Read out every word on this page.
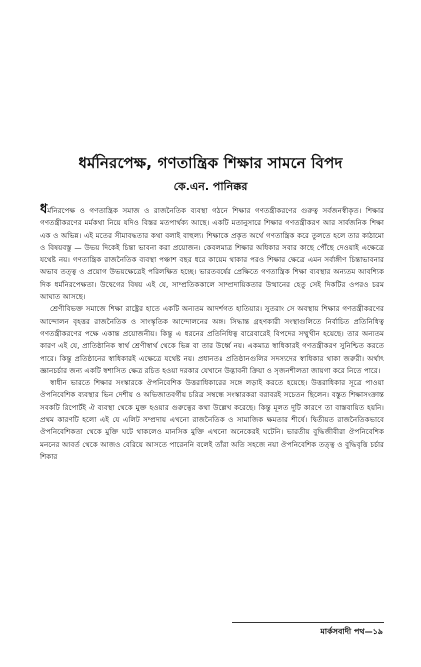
ধর্মনিরপেক্ষ, গণতান্ত্রিক শিক্ষার সামনে বিপদ
কে.এন. পানিক্কর

ধর্মনিরপেক্ষ ও গণতান্ত্রিক সমাজ ও রাজনৈতিক ব্যবস্থা গঠনে শিক্ষার গণতন্ত্রীকরণের গুরুত্ব সর্বজনস্বীকৃত। শিক্ষার গণতন্ত্রীকরণের মর্মকথা নিয়ে যদিও বিস্তর মতপার্থক্য আছে। একটি মতানুসারে শিক্ষার গণতন্ত্রীকরণ আর সার্বজনিক শিক্ষা এক ও অভিন্ন। এই মতের সীমাবদ্ধতার কথা বলাই বাহুল্য। শিক্ষাকে প্রকৃত অর্থে গণতান্ত্রিক করে তুলতে হলে তার কাঠামো ও বিষয়বস্তু — উভয় দিকেই চিন্তা ভাবনা করা প্রয়োজন। কেবলমাত্র শিক্ষার অধিকার সবার কাছে পৌঁছে দেওয়াই এক্ষেত্রে যথেষ্ট নয়। গণতান্ত্রিক রাজনৈতিক ব্যবস্থা পঞ্চাশ বছর ধরে কায়েম থাকার পরও শিক্ষার ক্ষেত্রে এমন সর্বাঙ্গীণ চিন্তাভাবনার অভাব তত্ত্ব ও প্রয়োগ উভয়ক্ষেত্রেই পরিলক্ষিত হচ্ছে। ভারতবর্ষের প্রেক্ষিতে গণতান্ত্রিক শিক্ষা ব্যবস্থার অন্যতম আবশ্যিক দিক ধর্মনিরপেক্ষতা। উদ্বেগের বিষয় এই যে, সাম্প্রতিককালে সাম্প্রদায়িকতার উত্থানের হেতু সেই দিকটির ওপরও চরম আঘাত আসছে।

শ্রেণীবিভক্ত সমাজে শিক্ষা রাষ্ট্রের হাতে একটি অন্যতম আদর্শগত হাতিয়ার। সুতরাং সে অবস্থায় শিক্ষার গণতন্ত্রীকরণের আন্দোলন বৃহত্তর রাজনৈতিক ও সাংস্কৃতিক আন্দোলনের অঙ্গ। সিদ্ধান্ত গ্রহণকারী সংস্থাগুলিতে নির্বাচিত প্রতিনিধিত্ব গণতন্ত্রীকরণের পক্ষে একান্ত প্রয়োজনীয়। কিন্তু এ ধরনের প্রতিনিধিত্ব বারেবারেই বিপদের সম্মুখীন হয়েছে। তার অন্যতম কারণ এই যে, প্রাতিষ্ঠানিক স্বার্থ শ্রেণীস্বার্থ থেকে ভিন্ন বা তার উর্ধ্বে নয়। একমাত্র স্বাধিকারই গণতন্ত্রীকরণ সুনিশ্চিত করতে পারে। কিন্তু প্রতিষ্ঠানের স্বাধিকারই এক্ষেত্রে যথেষ্ট নয়। প্রধানতঃ প্রতিষ্ঠানগুলির সদস্যদের স্বাধিকার থাকা জরুরী। অর্থাৎ জ্ঞানচর্চার জন্য একটি স্বশাসিত ক্ষেত্র রচিত হওয়া দরকার যেখানে উদ্ভাবনী ক্রিয়া ও সৃজনশীলতা জায়গা করে নিতে পারে।

স্বাধীন ভারতে শিক্ষার সংস্কারকে ঔপনিবেশিক উত্তরাধিকারের সঙ্গে লড়াই করতে হয়েছে। উত্তরাধিকার সূত্রে পাওয়া ঔপনিবেশিক ব্যবস্থার ভিন দেশীয় ও অভিজাতবর্গীয় চরিত্র সম্বন্ধে সংস্কারকরা বরাবরই সচেতন ছিলেন। বস্তুত শিক্ষাসংক্রান্ত সবকটি রিপোর্টই ঐ ব্যবস্থা থেকে মুক্ত হওয়ার গুরুত্বের কথা উল্লেখ করেছে। কিন্তু মূলত দুটি কারণে তা বাস্তবায়িত হয়নি। প্রথম কারণটি হলো এই যে এলিট সম্প্রদায় এখনো রাজনৈতিক ও সামাজিক ক্ষমতার শীর্ষে। দ্বিতীয়ত রাজনৈতিকভাবে ঔপনিবেশিকতা থেকে মুক্তি ঘটে থাকলেও মানসিক মুক্তি এখনো অনেকেরই ঘটেনি। ভারতীয় বুদ্ধিজীবীরা ঔপনিবেশিক মননের আবর্ত থেকে আজও বেরিয়ে আসতে পারেননি বলেই তাঁরা অতি সহজে নয়া ঔপনিবেশিক তত্ত্ব ও বুদ্ধিবৃত্তি চর্চার শিকার

মার্কসবাদী পথ—১৯
